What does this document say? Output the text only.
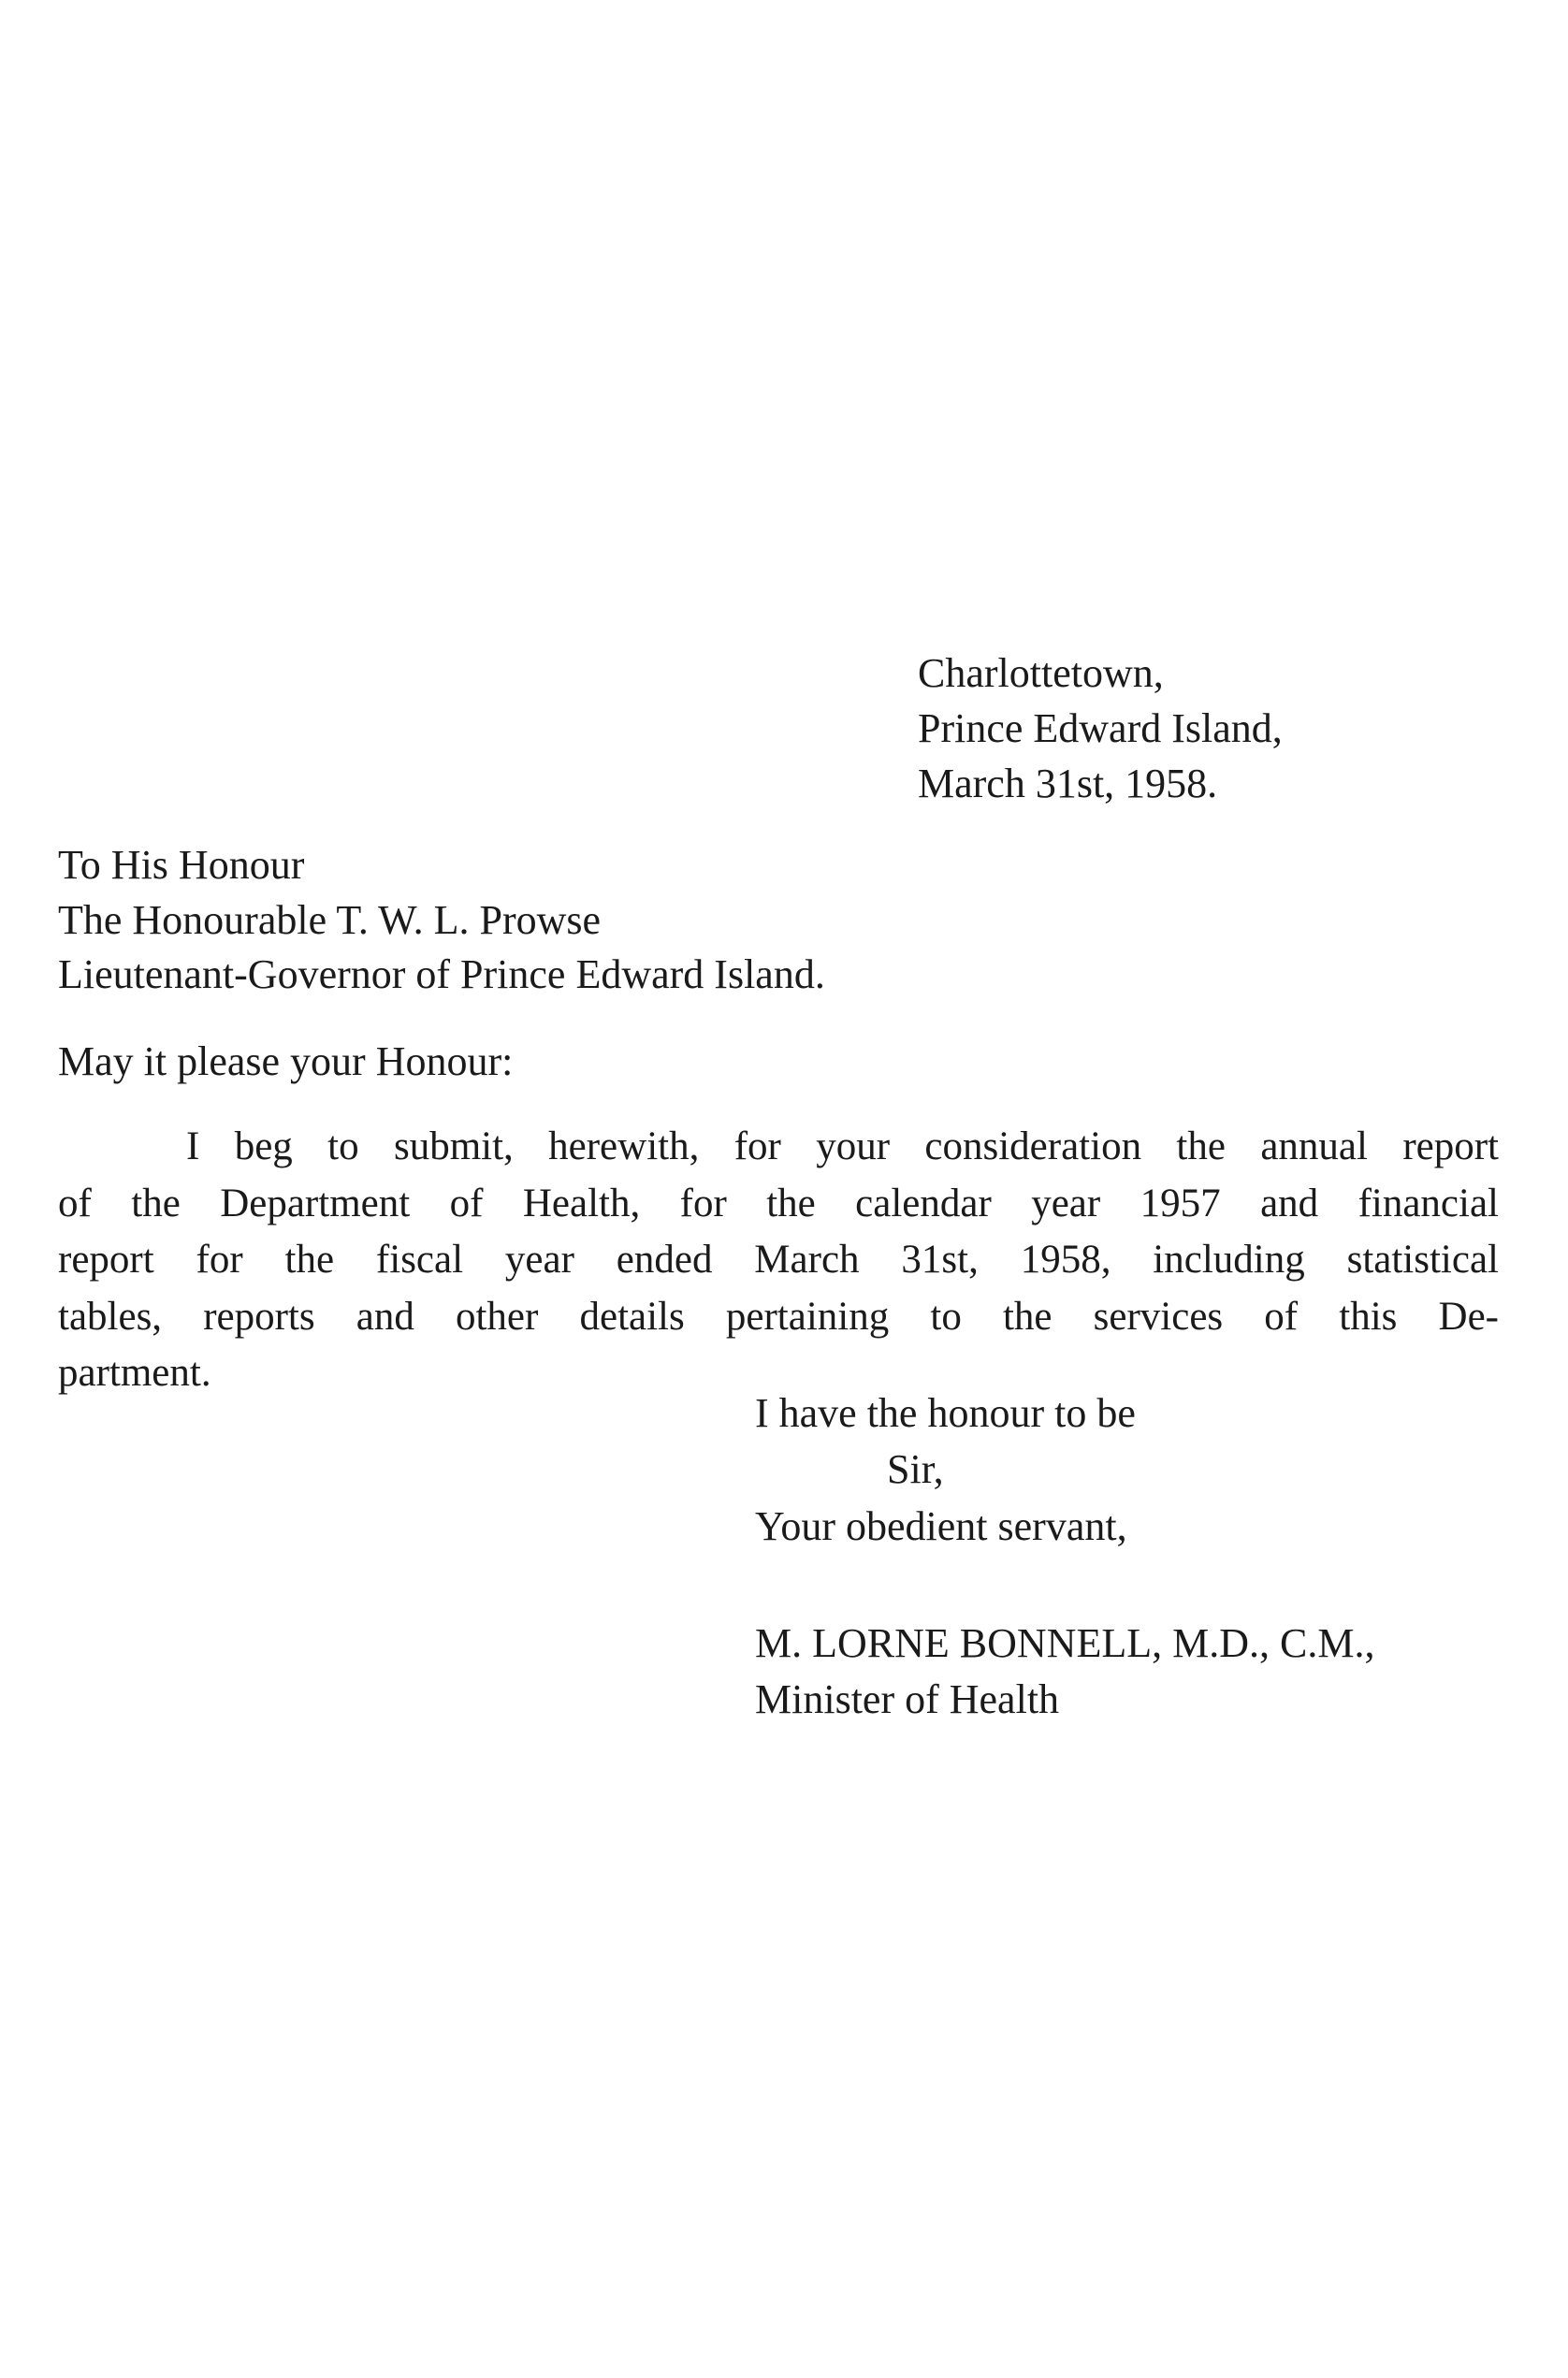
Charlottetown,
Prince Edward Island,
March 31st, 1958.
To His Honour
The Honourable T. W. L. Prowse
Lieutenant-Governor of Prince Edward Island.
May it please your Honour:
I beg to submit, herewith, for your consideration the annual report
of the Department of Health, for the calendar year 1957 and financial
report for the fiscal year ended March 31st, 1958, including statistical
tables, reports and other details pertaining to the services of this De-
partment.
I have the honour to be
Sir,
Your obedient servant,
M. LORNE BONNELL, M.D., C.M.,
Minister of Health
